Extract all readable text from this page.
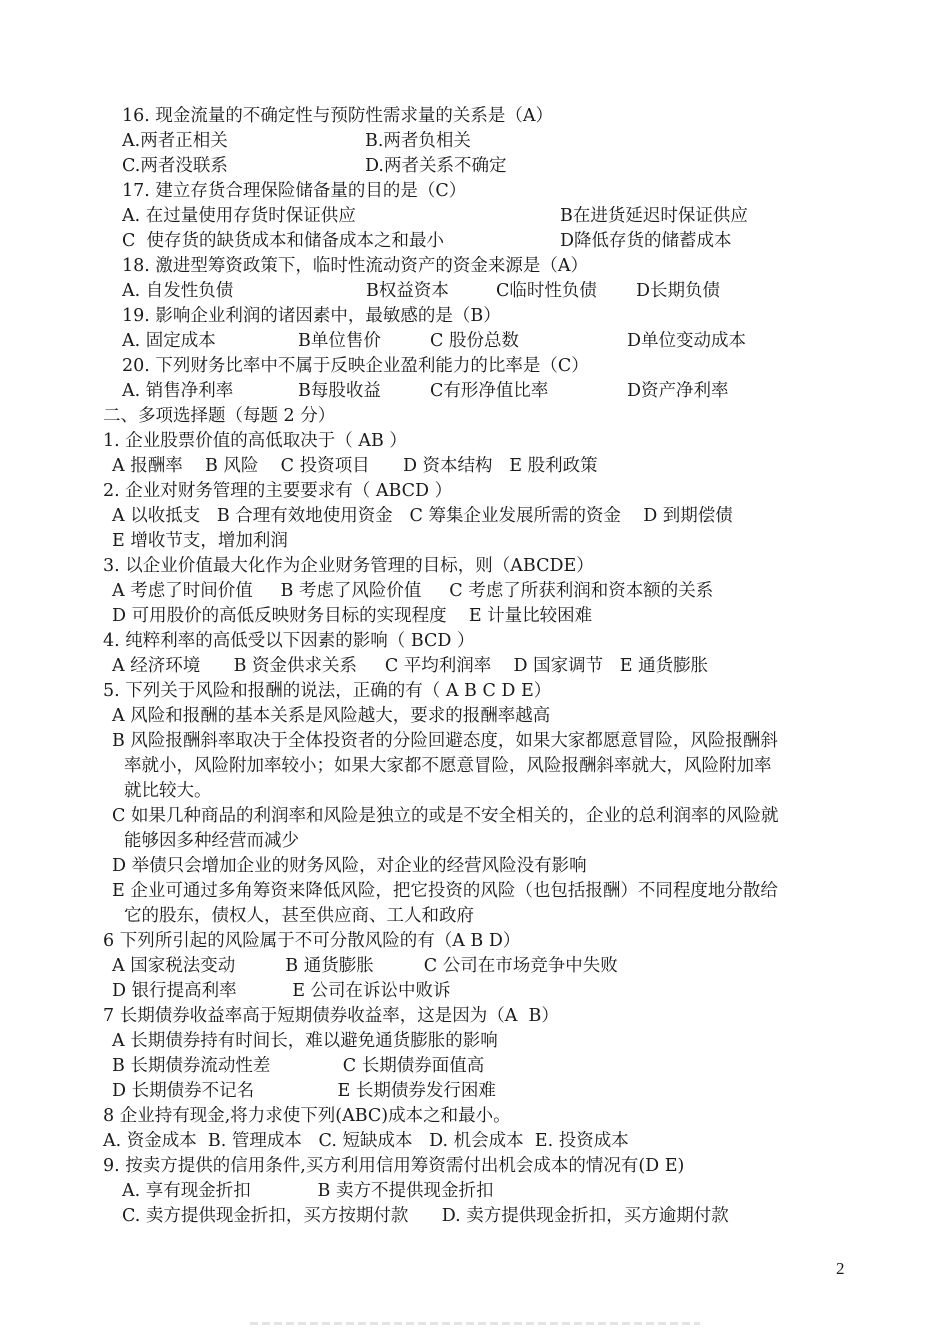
16. 现金流量的不确定性与预防性需求量的关系是（A）
A.两者正相关	B.两者负相关
C.两者没联系	D.两者关系不确定
17. 建立存货合理保险储备量的目的是（C）
A. 在过量使用存货时保证供应	B在进货延迟时保证供应
C  使存货的缺货成本和储备成本之和最小	D降低存货的储蓄成本
18. 激进型筹资政策下，临时性流动资产的资金来源是（A）
A. 自发性负债	B权益资本	C临时性负债 D长期负债
19. 影响企业利润的诸因素中，最敏感的是（B）
A. 固定成本	B单位售价	C 股份总数	D单位变动成本
20. 下列财务比率中不属于反映企业盈利能力的比率是（C）
A. 销售净利率	B每股收益	C有形净值比率	D资产净利率
二、多项选择题（每题 2 分）
1. 企业股票价值的高低取决于（ AB ）
A 报酬率    B 风险    C 投资项目      D 资本结构   E 股利政策
2. 企业对财务管理的主要要求有（ ABCD ）
A 以收抵支   B 合理有效地使用资金   C 筹集企业发展所需的资金    D 到期偿债
E 增收节支，增加利润
3. 以企业价值最大化作为企业财务管理的目标，则（ABCDE）
A 考虑了时间价值     B 考虑了风险价值     C 考虑了所获利润和资本额的关系
D 可用股价的高低反映财务目标的实现程度    E 计量比较困难
4. 纯粹利率的高低受以下因素的影响（ BCD ）
A 经济环境      B 资金供求关系     C 平均利润率    D 国家调节   E 通货膨胀
5. 下列关于风险和报酬的说法，正确的有（ A B C D E）
A 风险和报酬的基本关系是风险越大，要求的报酬率越高
B 风险报酬斜率取决于全体投资者的分险回避态度，如果大家都愿意冒险，风险报酬斜
率就小，风险附加率较小；如果大家都不愿意冒险，风险报酬斜率就大，风险附加率
就比较大。
C 如果几种商品的利润率和风险是独立的或是不安全相关的，企业的总利润率的风险就
能够因多种经营而减少
D 举债只会增加企业的财务风险，对企业的经营风险没有影响
E 企业可通过多角筹资来降低风险，把它投资的风险（也包括报酬）不同程度地分散给
它的股东，债权人，甚至供应商、工人和政府
6 下列所引起的风险属于不可分散风险的有（A B D）
A 国家税法变动         B 通货膨胀         C 公司在市场竞争中失败
D 银行提高利率          E 公司在诉讼中败诉
7 长期债券收益率高于短期债券收益率，这是因为（A  B）
A 长期债券持有时间长，难以避免通货膨胀的影响
B 长期债券流动性差             C 长期债券面值高
D 长期债券不记名               E 长期债券发行困难
8 企业持有现金,将力求使下列(ABC)成本之和最小。
A. 资金成本  B. 管理成本   C. 短缺成本   D. 机会成本  E. 投资成本
9. 按卖方提供的信用条件,买方利用信用筹资需付出机会成本的情况有(D E)
A. 享有现金折扣            B 卖方不提供现金折扣
C. 卖方提供现金折扣，买方按期付款      D. 卖方提供现金折扣，买方逾期付款
2
